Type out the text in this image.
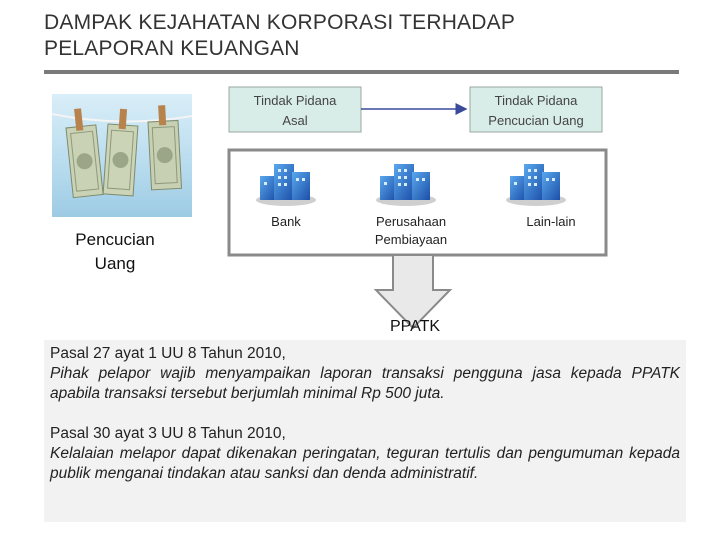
DAMPAK KEJAHATAN KORPORASI TERHADAP
PELAPORAN KEUANGAN
Pencucian
Uang
Tindak Pidana
Asal
Tindak Pidana
Pencucian Uang
Bank	Perusahaan
Pembiayaan
Lain-lain
PPATK

Pasal 27 ayat 1 UU 8 Tahun 2010,

Pihak pelapor wajib menyampaikan laporan transaksi pengguna jasa kepada PPATK apabila transaksi tersebut berjumlah minimal Rp 500 juta.

Pasal 30 ayat 3 UU 8 Tahun 2010,

Kelalaian melapor dapat dikenakan peringatan, teguran tertulis dan pengumuman kepada publik menganai tindakan atau sanksi dan denda administratif.
